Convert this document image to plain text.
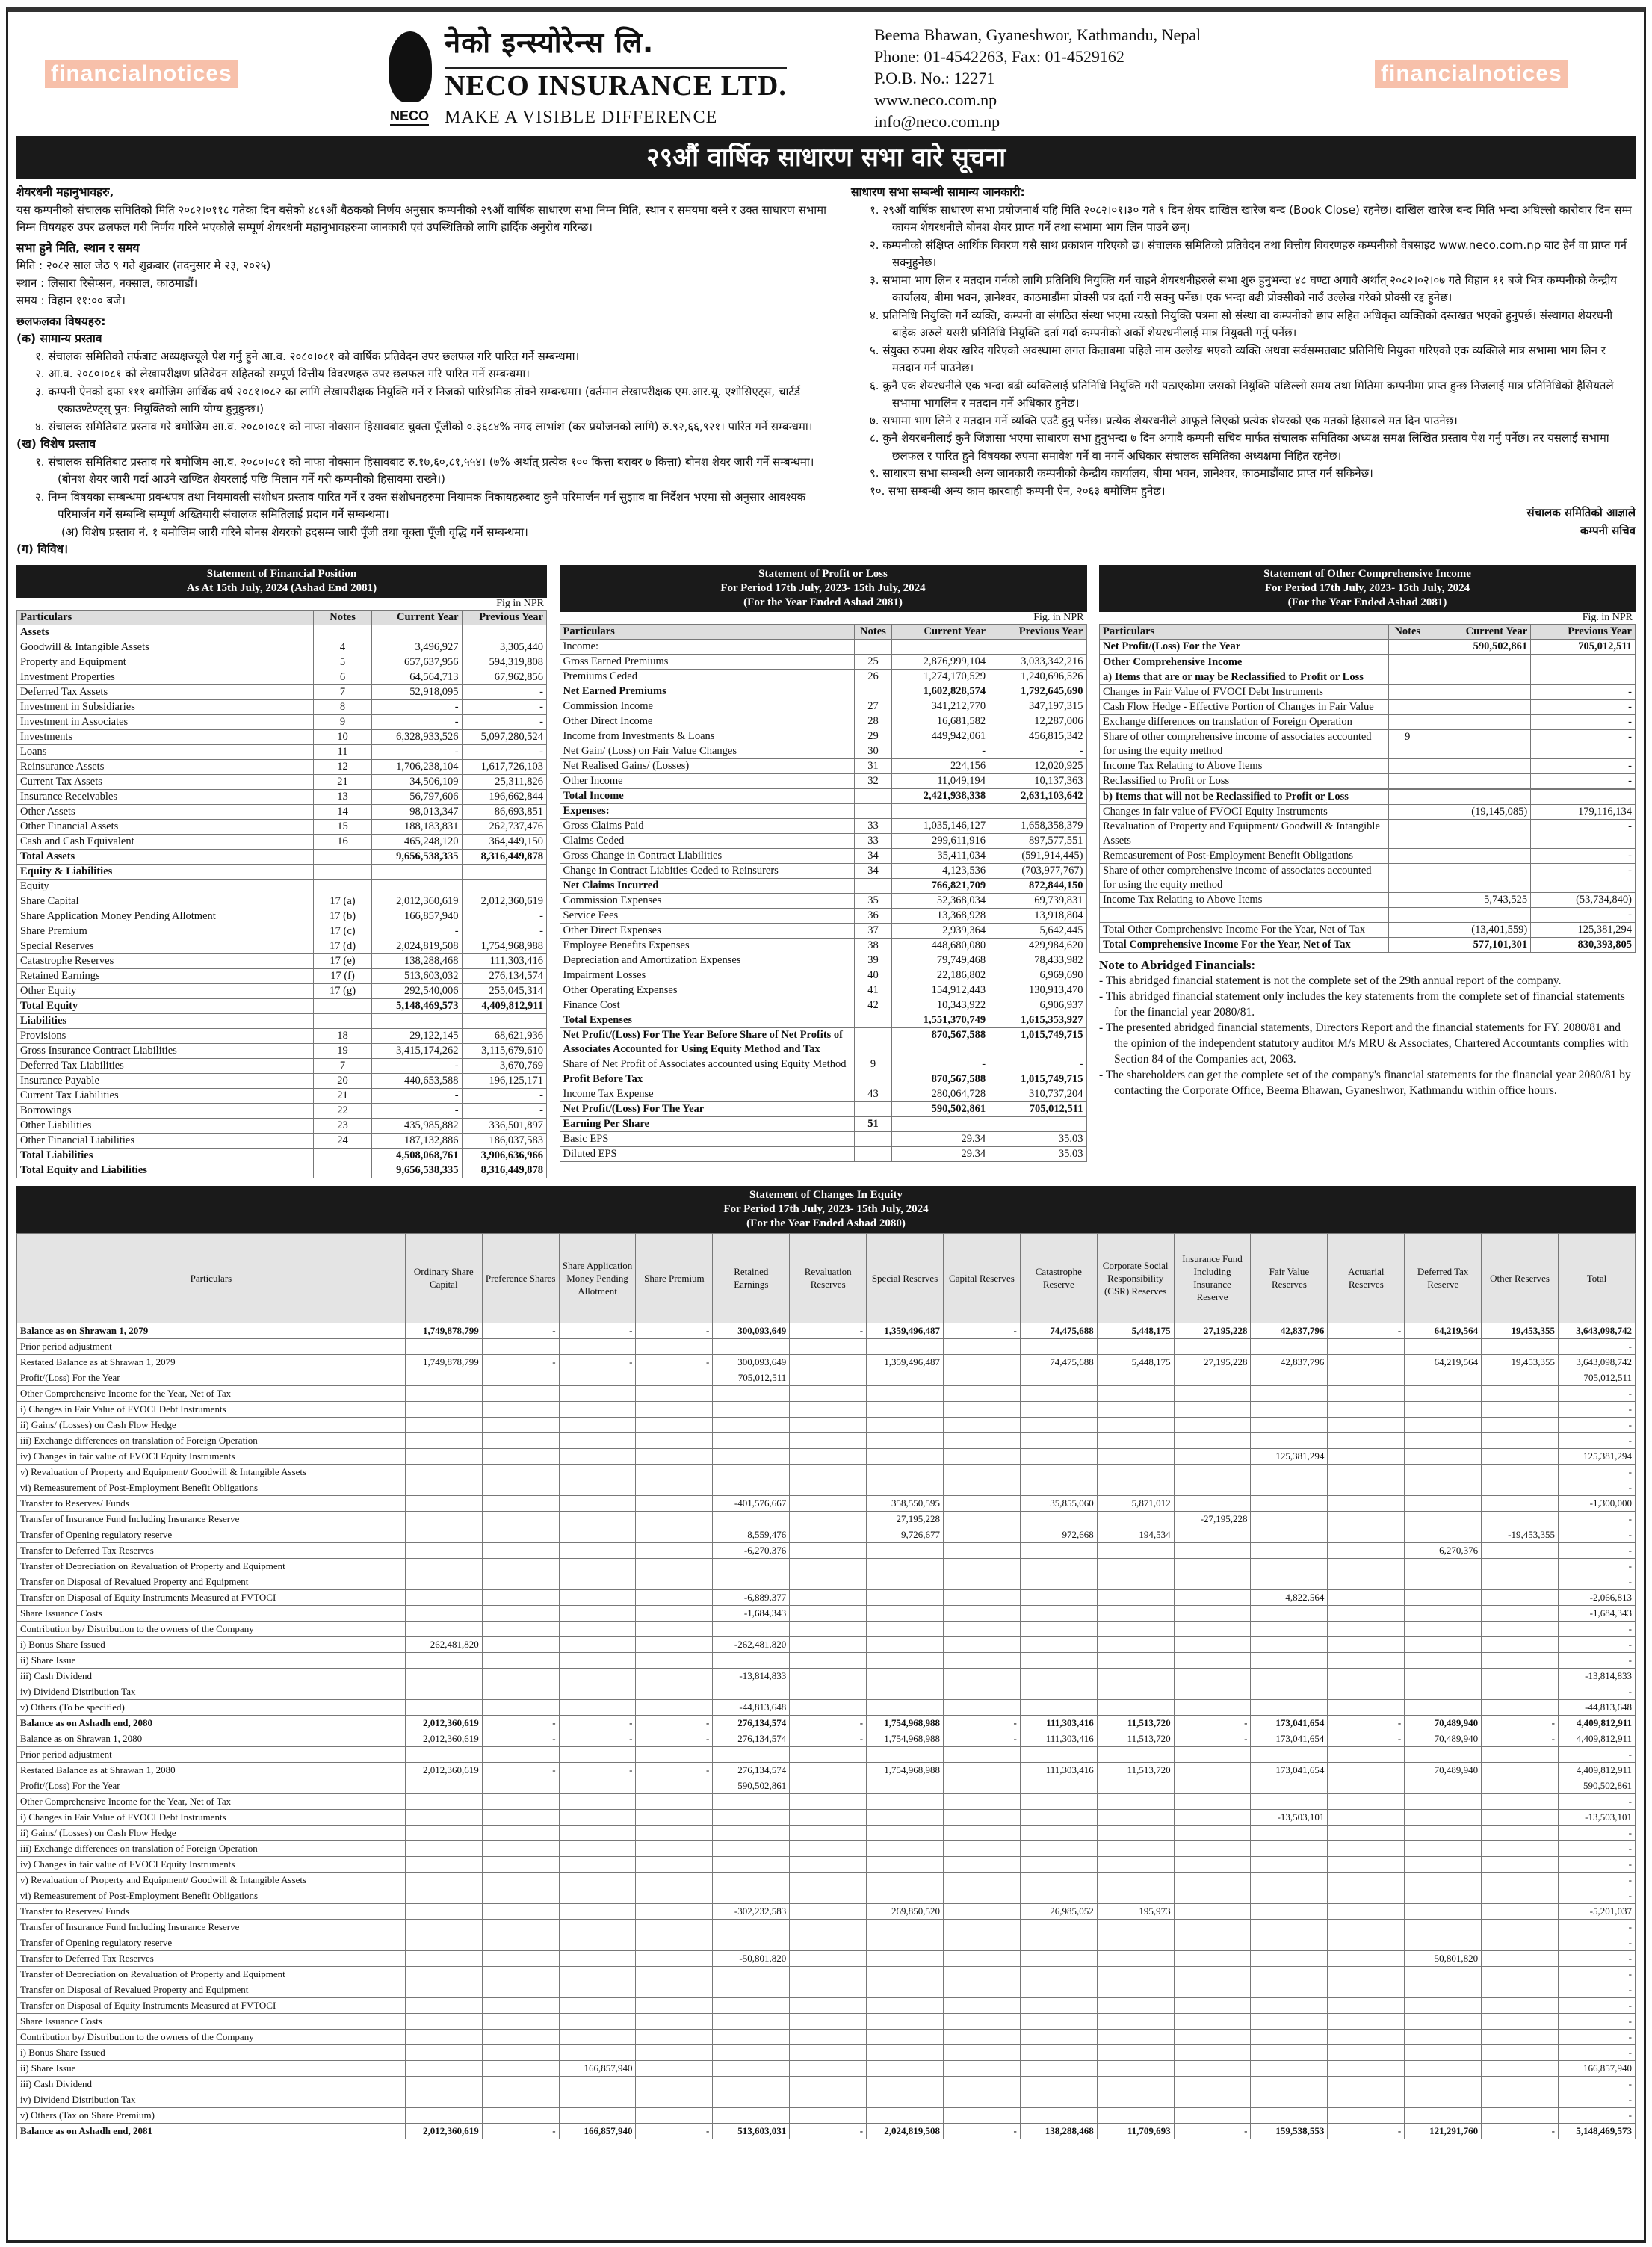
NECO
नेको इन्स्योरेन्स लि.
NECO INSURANCE LTD.
MAKE A VISIBLE DIFFERENCE
Beema Bhawan, Gyaneshwor, Kathmandu, Nepal
Phone: 01-4542263, Fax: 01-4529162
P.O.B. No.: 12271
www.neco.com.np
info@neco.com.np
financialnotices	financialnotices
२९औं वार्षिक साधारण सभा वारे सूचना
शेयरधनी महानुभावहरु,

यस कम्पनीको संचालक समितिको मिति २०८२।०११८ गतेका दिन बसेको ४८१औं बैठकको निर्णय अनुसार कम्पनीको २९औं वार्षिक साधारण सभा निम्न मिति, स्थान र समयमा बस्ने र उक्त साधारण सभामा निम्न विषयहरु उपर छलफल गरी निर्णय गरिने भएकोले सम्पूर्ण शेयरधनी महानुभावहरुमा जानकारी एवं उपस्थितिको लागि हार्दिक अनुरोध गरिन्छ।

सभा हुने मिति, स्थान र समय

मिति : २०८२ साल जेठ ९ गते शुक्रबार (तदनुसार मे २३, २०२५)

स्थान : लिसारा रिसेप्सन, नक्साल, काठमाडौं।

समय : विहान ११:०० बजे।

छलफलका विषयहरु:
(क) सामान्य प्रस्ताव

१. संचालक समितिको तर्फबाट अध्यक्षज्यूले पेश गर्नु हुने आ.व. २०८०।०८१ को वार्षिक प्रतिवेदन उपर छलफल गरि पारित गर्ने सम्बन्धमा।

२. आ.व. २०८०।०८१ को लेखापरीक्षण प्रतिवेदन सहितको सम्पूर्ण वित्तीय विवरणहरु उपर छलफल गरि पारित गर्ने सम्बन्धमा।

३. कम्पनी ऐनको दफा १११ बमोजिम आर्थिक वर्ष २०८१।०८२ का लागि लेखापरीक्षक नियुक्ति गर्ने र निजको पारिश्रमिक तोक्ने सम्बन्धमा। (वर्तमान लेखापरीक्षक एम.आर.यू. एशोसिएट्स, चार्टर्ड एकाउण्टेण्ट्स् पुन: नियुक्तिको लागि योग्य हुनुहुन्छ।)

४. संचालक समितिबाट प्रस्ताव गरे बमोजिम आ.व. २०८०।०८१ को नाफा नोक्सान हिसावबाट चुक्ता पूँजीको ०.३६८४% नगद लाभांश (कर प्रयोजनको लागि) रु.९२,६६,९२१। पारित गर्ने सम्बन्धमा।

(ख) विशेष प्रस्ताव

१. संचालक समितिबाट प्रस्ताव गरे बमोजिम आ.व. २०८०।०८१ को नाफा नोक्सान हिसावबाट रु.१७,६०,८१,५५४। (७% अर्थात् प्रत्येक १०० कित्ता बराबर ७ कित्ता) बोनश शेयर जारी गर्ने सम्बन्धमा। (बोनश शेयर जारी गर्दा आउने खण्डित शेयरलाई पछि मिलान गर्ने गरी कम्पनीको हिसावमा राख्ने।)

२. निम्न विषयका सम्बन्धमा प्रवन्धपत्र तथा नियमावली संशोधन प्रस्ताव पारित गर्ने र उक्त संशोधनहरुमा नियामक निकायहरुबाट कुनै परिमार्जन गर्न सुझाव वा निर्देशन भएमा सो अनुसार आवश्यक परिमार्जन गर्ने सम्बन्धि सम्पूर्ण अख्तियारी संचालक समितिलाई प्रदान गर्ने सम्बन्धमा।

(अ) विशेष प्रस्ताव नं. १ बमोजिम जारी गरिने बोनस शेयरको हदसम्म जारी पूँजी तथा चूक्ता पूँजी वृद्धि गर्ने सम्बन्धमा।

(ग) विविध।
साधारण सभा सम्बन्धी सामान्य जानकारी:

१. २९औं वार्षिक साधारण सभा प्रयोजनार्थ यहि मिति २०८२।०१।३० गते १ दिन शेयर दाखिल खारेज बन्द (Book Close) रहनेछ। दाखिल खारेज बन्द मिति भन्दा अघिल्लो कारोवार दिन सम्म कायम शेयरधनीले बोनश शेयर प्राप्त गर्ने तथा सभामा भाग लिन पाउने छन्।

२. कम्पनीको संक्षिप्त आर्थिक विवरण यसै साथ प्रकाशन गरिएको छ। संचालक समितिको प्रतिवेदन तथा वित्तीय विवरणहरु कम्पनीको वेबसाइट www.neco.com.np बाट हेर्न वा प्राप्त गर्न सक्नुहुनेछ।

३. सभामा भाग लिन र मतदान गर्नको लागि प्रतिनिधि नियुक्ति गर्न चाहने शेयरधनीहरुले सभा शुरु हुनुभन्दा ४८ घण्टा अगावै अर्थात् २०८२।०२।०७ गते विहान ११ बजे भित्र कम्पनीको केन्द्रीय कार्यालय, बीमा भवन, ज्ञानेश्वर, काठमाडौंमा प्रोक्सी पत्र दर्ता गरी सक्नु पर्नेछ। एक भन्दा बढी प्रोक्सीको नाउँ उल्लेख गरेको प्रोक्सी रद्द हुनेछ।

४. प्रतिनिधि नियुक्ति गर्ने व्यक्ति, कम्पनी वा संगठित संस्था भएमा त्यस्तो नियुक्ति पत्रमा सो संस्था वा कम्पनीको छाप सहित अधिकृत व्यक्तिको दस्तखत भएको हुनुपर्छ। संस्थागत शेयरधनी बाहेक अरुले यसरी प्रनितिधि नियुक्ति दर्ता गर्दा कम्पनीको अर्को शेयरधनीलाई मात्र नियुक्ती गर्नु पर्नेछ।

५. संयुक्त रुपमा शेयर खरिद गरिएको अवस्थामा लगत किताबमा पहिले नाम उल्लेख भएको व्यक्ति अथवा सर्वसम्मतबाट प्रतिनिधि नियुक्त गरिएको एक व्यक्तिले मात्र सभामा भाग लिन र मतदान गर्न पाउनेछ।

६. कुनै एक शेयरधनीले एक भन्दा बढी व्यक्तिलाई प्रतिनिधि नियुक्ति गरी पठाएकोमा जसको नियुक्ति पछिल्लो समय तथा मितिमा कम्पनीमा प्राप्त हुन्छ निजलाई मात्र प्रतिनिधिको हैसियतले सभामा भागलिन र मतदान गर्ने अधिकार हुनेछ।

७. सभामा भाग लिने र मतदान गर्ने व्यक्ति एउटै हुनु पर्नेछ। प्रत्येक शेयरधनीले आफूले लिएको प्रत्येक शेयरको एक मतको हिसाबले मत दिन पाउनेछ।

८. कुनै शेयरधनीलाई कुनै जिज्ञासा भएमा साधारण सभा हुनुभन्दा ७ दिन अगावै कम्पनी सचिव मार्फत संचालक समितिका अध्यक्ष समक्ष लिखित प्रस्ताव पेश गर्नु पर्नेछ। तर यसलाई सभामा छलफल र पारित हुने विषयका रुपमा समावेश गर्ने वा नगर्ने अधिकार संचालक समितिका अध्यक्षमा निहित रहनेछ।

९. साधारण सभा सम्बन्धी अन्य जानकारी कम्पनीको केन्द्रीय कार्यालय, बीमा भवन, ज्ञानेश्वर, काठमाडौंबाट प्राप्त गर्न सकिनेछ।

१०. सभा सम्बन्धी अन्य काम कारवाही कम्पनी ऐन, २०६३ बमोजिम हुनेछ।

संचालक समितिको आज्ञाले

कम्पनी सचिव

Statement of Financial Position
As At 15th July, 2024 (Ashad End 2081)
Fig in NPR
Particulars	Notes	Current Year	Previous Year
Assets			
Goodwill & Intangible Assets	4	3,496,927	3,305,440
Property and Equipment	5	657,637,956	594,319,808
Investment Properties	6	64,564,713	67,962,856
Deferred Tax Assets	7	52,918,095	-
Investment in Subsidiaries	8	-	-
Investment in Associates	9	-	-
Investments	10	6,328,933,526	5,097,280,524
Loans	11	-	-
Reinsurance Assets	12	1,706,238,104	1,617,726,103
Current Tax Assets	21	34,506,109	25,311,826
Insurance Receivables	13	56,797,606	196,662,844
Other Assets	14	98,013,347	86,693,851
Other Financial Assets	15	188,183,831	262,737,476
Cash and Cash Equivalent	16	465,248,120	364,449,150
Total Assets		9,656,538,335	8,316,449,878
Equity & Liabilities			
Equity			
Share Capital	17 (a)	2,012,360,619	2,012,360,619
Share Application Money Pending Allotment	17 (b)	166,857,940	-
Share Premium	17 (c)	-	-
Special Reserves	17 (d)	2,024,819,508	1,754,968,988
Catastrophe Reserves	17 (e)	138,288,468	111,303,416
Retained Earnings	17 (f)	513,603,032	276,134,574
Other Equity	17 (g)	292,540,006	255,045,314
Total Equity		5,148,469,573	4,409,812,911
Liabilities			
Provisions	18	29,122,145	68,621,936
Gross Insurance Contract Liabilities	19	3,415,174,262	3,115,679,610
Deferred Tax Liabilities	7	-	3,670,769
Insurance Payable	20	440,653,588	196,125,171
Current Tax Liabilities	21	-	-
Borrowings	22	-	-
Other Liabilities	23	435,985,882	336,501,897
Other Financial Liabilities	24	187,132,886	186,037,583
Total Liabilities		4,508,068,761	3,906,636,966
Total Equity and Liabilities		9,656,538,335	8,316,449,878
Statement of Profit or Loss
For Period 17th July, 2023- 15th July, 2024
(For the Year Ended Ashad 2081)
Fig. in NPR
Particulars	Notes	Current Year	Previous Year
Income:			
Gross Earned Premiums	25	2,876,999,104	3,033,342,216
Premiums Ceded	26	1,274,170,529	1,240,696,526
Net Earned Premiums		1,602,828,574	1,792,645,690
Commission Income	27	341,212,770	347,197,315
Other Direct Income	28	16,681,582	12,287,006
Income from Investments & Loans	29	449,942,061	456,815,342
Net Gain/ (Loss) on Fair Value Changes	30	-	-
Net Realised Gains/ (Losses)	31	224,156	12,020,925
Other Income	32	11,049,194	10,137,363
Total Income		2,421,938,338	2,631,103,642
Expenses:			
Gross Claims Paid	33	1,035,146,127	1,658,358,379
Claims Ceded	33	299,611,916	897,577,551
Gross Change in Contract Liabilities	34	35,411,034	(591,914,445)
Change in Contract Liabities Ceded to Reinsurers	34	4,123,536	(703,977,767)
Net Claims Incurred		766,821,709	872,844,150
Commission Expenses	35	52,368,034	69,739,831
Service Fees	36	13,368,928	13,918,804
Other Direct Expenses	37	2,939,364	5,642,445
Employee Benefits Expenses	38	448,680,080	429,984,620
Depreciation and Amortization Expenses	39	79,749,468	78,433,982
Impairment Losses	40	22,186,802	6,969,690
Other Operating Expenses	41	154,912,443	130,913,470
Finance Cost	42	10,343,922	6,906,937
Total Expenses		1,551,370,749	1,615,353,927
Net Profit/(Loss) For The Year Before Share of Net Profits of Associates Accounted for Using Equity Method and Tax		870,567,588	1,015,749,715
Share of Net Profit of Associates accounted using Equity Method	9	-	-
Profit Before Tax		870,567,588	1,015,749,715
Income Tax Expense	43	280,064,728	310,737,204
Net Profit/(Loss) For The Year		590,502,861	705,012,511
Earning Per Share	51		
Basic EPS		29.34	35.03
Diluted EPS		29.34	35.03
Statement of Other Comprehensive Income
For Period 17th July, 2023- 15th July, 2024
(For the Year Ended Ashad 2081)
Fig. in NPR
Particulars	Notes	Current Year	Previous Year
Net Profit/(Loss) For the Year		590,502,861	705,012,511

Other Comprehensive Income			
a) Items that are or may be Reclassified to Profit or Loss			
Changes in Fair Value of FVOCI Debt Instruments			-
Cash Flow Hedge - Effective Portion of Changes in Fair Value			-
Exchange differences on translation of Foreign Operation			-
Share of other comprehensive income of associates accounted for using the equity method	9		-
Income Tax Relating to Above Items			-
Reclassified to Profit or Loss			-

b) Items that will not be Reclassified to Profit or Loss			
Changes in fair value of FVOCI Equity Instruments		(19,145,085)	179,116,134
Revaluation of Property and Equipment/ Goodwill & Intangible Assets			-
Remeasurement of Post-Employment Benefit Obligations			-
Share of other comprehensive income of associates accounted for using the equity method			-
Income Tax Relating to Above Items		5,743,525	(53,734,840)
			-
Total Other Comprehensive Income For the Year, Net of Tax		(13,401,559)	125,381,294
Total Comprehensive Income For the Year, Net of Tax		577,101,301	830,393,805
Note to Abridged Financials:
- This abridged financial statement is not the complete set of the 29th annual report of the company.
- This abridged financial statement only includes the key statements from the complete set of financial statements for the financial year 2080/81.
- The presented abridged financial statements, Directors Report and the financial statements for FY. 2080/81 and the opinion of the independent statutory auditor M/s MRU & Associates, Chartered Accountants complies with Section 84 of the Companies act, 2063.
- The shareholders can get the complete set of the company's financial statements for the financial year 2080/81 by contacting the Corporate Office, Beema Bhawan, Gyaneshwor, Kathmandu within office hours.
Statement of Changes In Equity
For Period 17th July, 2023- 15th July, 2024
(For the Year Ended Ashad 2080)
Particulars	Ordinary Share Capital	Preference Shares	Share Application Money Pending Allotment	Share Premium	Retained Earnings	Revaluation Reserves	Special Reserves	Capital Reserves	Catastrophe Reserve	Corporate Social Responsibility (CSR) Reserves	Insurance Fund Including Insurance Reserve	Fair Value Reserves	Actuarial Reserves	Deferred Tax Reserve	Other Reserves	Total
Balance as on Shrawan 1, 2079	1,749,878,799	-	-	-	300,093,649	-	1,359,496,487	-	74,475,688	5,448,175	27,195,228	42,837,796	-	64,219,564	19,453,355	3,643,098,742
Prior period adjustment																-
Restated Balance as at Shrawan 1, 2079	1,749,878,799	-	-	-	300,093,649		1,359,496,487		74,475,688	5,448,175	27,195,228	42,837,796		64,219,564	19,453,355	3,643,098,742
Profit/(Loss) For the Year					705,012,511											705,012,511
Other Comprehensive Income for the Year, Net of Tax																-
i) Changes in Fair Value of FVOCI Debt Instruments																-
ii) Gains/ (Losses) on Cash Flow Hedge																-
iii) Exchange differences on translation of Foreign Operation																-
iv) Changes in fair value of FVOCI Equity Instruments												125,381,294				125,381,294
v) Revaluation of Property and Equipment/ Goodwill & Intangible Assets																-
vi) Remeasurement of Post-Employment Benefit Obligations																-
Transfer to Reserves/ Funds					-401,576,667		358,550,595		35,855,060	5,871,012						-1,300,000
Transfer of Insurance Fund Including Insurance Reserve							27,195,228				-27,195,228					-
Transfer of Opening regulatory reserve					8,559,476		9,726,677		972,668	194,534					-19,453,355	-
Transfer to Deferred Tax Reserves					-6,270,376									6,270,376		-
Transfer of Depreciation on Revaluation of Property and Equipment																-
Transfer on Disposal of Revalued Property and Equipment																-
Transfer on Disposal of Equity Instruments Measured at FVTOCI					-6,889,377							4,822,564				-2,066,813
Share Issuance Costs					-1,684,343											-1,684,343
Contribution by/ Distribution to the owners of the Company																-
i) Bonus Share Issued	262,481,820				-262,481,820											-
ii) Share Issue																-
iii) Cash Dividend					-13,814,833											-13,814,833
iv) Dividend Distribution Tax																-
v) Others (To be specified)					-44,813,648											-44,813,648
Balance as on Ashadh end, 2080	2,012,360,619	-	-	-	276,134,574	-	1,754,968,988	-	111,303,416	11,513,720	-	173,041,654	-	70,489,940	-	4,409,812,911
Balance as on Shrawan 1, 2080	2,012,360,619	-	-	-	276,134,574	-	1,754,968,988	-	111,303,416	11,513,720	-	173,041,654	-	70,489,940	-	4,409,812,911
Prior period adjustment																-
Restated Balance as at Shrawan 1, 2080	2,012,360,619	-	-	-	276,134,574		1,754,968,988		111,303,416	11,513,720		173,041,654		70,489,940		4,409,812,911
Profit/(Loss) For the Year					590,502,861											590,502,861
Other Comprehensive Income for the Year, Net of Tax																-
i) Changes in Fair Value of FVOCI Debt Instruments												-13,503,101				-13,503,101
ii) Gains/ (Losses) on Cash Flow Hedge																-
iii) Exchange differences on translation of Foreign Operation																-
iv) Changes in fair value of FVOCI Equity Instruments																-
v) Revaluation of Property and Equipment/ Goodwill & Intangible Assets																-
vi) Remeasurement of Post-Employment Benefit Obligations																-
Transfer to Reserves/ Funds					-302,232,583		269,850,520		26,985,052	195,973						-5,201,037
Transfer of Insurance Fund Including Insurance Reserve																-
Transfer of Opening regulatory reserve																-
Transfer to Deferred Tax Reserves					-50,801,820									50,801,820		-
Transfer of Depreciation on Revaluation of Property and Equipment																-
Transfer on Disposal of Revalued Property and Equipment																-
Transfer on Disposal of Equity Instruments Measured at FVTOCI																-
Share Issuance Costs																-
Contribution by/ Distribution to the owners of the Company																-
i) Bonus Share Issued																-
ii) Share Issue			166,857,940													166,857,940
iii) Cash Dividend																-
iv) Dividend Distribution Tax																-
v) Others (Tax on Share Premium)																-
Balance as on Ashadh end, 2081	2,012,360,619	-	166,857,940	-	513,603,031	-	2,024,819,508	-	138,288,468	11,709,693	-	159,538,553	-	121,291,760	-	5,148,469,573
